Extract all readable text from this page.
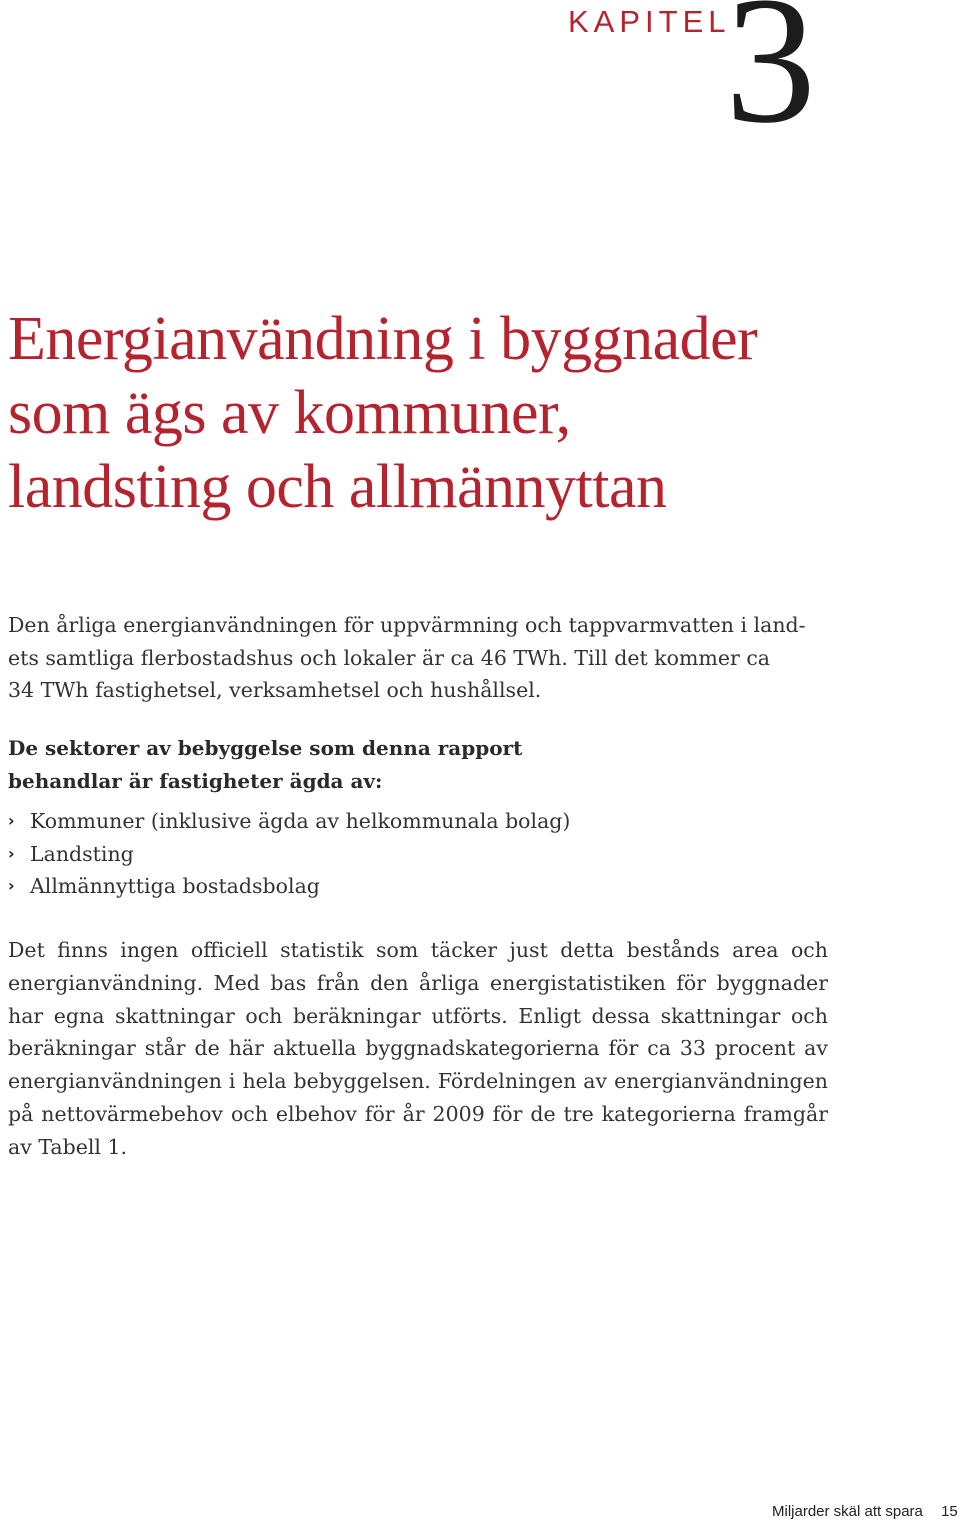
KAPITEL
3
Energianvändning i byggnader
som ägs av kommuner,
landsting och allmännyttan

Den årliga energianvändningen för uppvärmning och tappvarmvatten i land-
ets samtliga flerbostadshus och lokaler är ca 46 TWh. Till det kommer ca
34 TWh fastighetsel, verksamhetsel och hushållsel.

De sektorer av bebyggelse som denna rapport
behandlar är fastigheter ägda av:

› Kommuner (inklusive ägda av helkommunala bolag)
› Landsting
› Allmännyttiga bostadsbolag

Det finns ingen officiell statistik som täcker just detta bestånds area och
energianvändning. Med bas från den årliga energistatistiken för byggnader
har egna skattningar och beräkningar utförts. Enligt dessa skattningar och
beräkningar står de här aktuella byggnadskategorierna för ca 33 procent av
energianvändningen i hela bebyggelsen. Fördelningen av energianvändningen
på nettovärmebehov och elbehov för år 2009 för de tre kategorierna framgår
av Tabell 1.

Miljarder skäl att spara 15
